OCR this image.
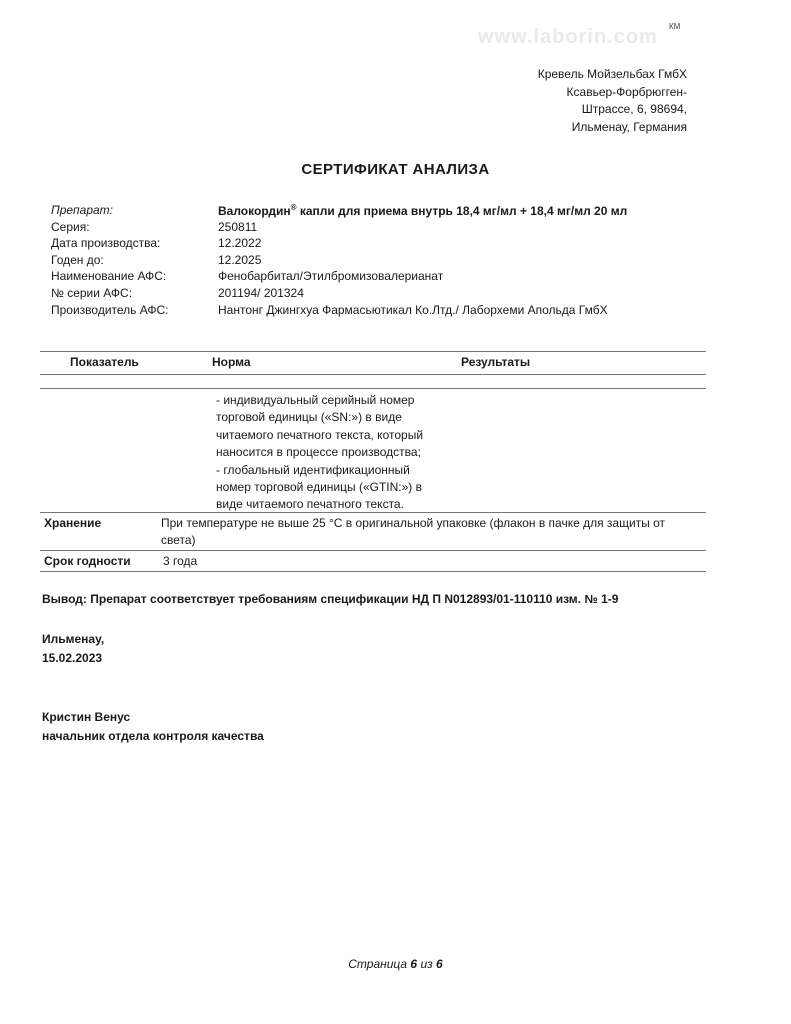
www.laborin.com	КМ
Кревель Мойзельбах ГмбХ
Ксавьер-Форбрюгген-
Штрассе, 6, 98694,
Ильменау, Германия
СЕРТИФИКАТ АНАЛИЗА
Препарат:	Валокордин® капли для приема внутрь 18,4 мг/мл + 18,4 мг/мл 20 мл
Серия:	250811
Дата производства:	12.2022
Годен до:	12.2025
Наименование АФС:	Фенобарбитал/Этилбромизовалерианат
№ серии АФС:	201194/ 201324
Производитель АФС:	Нантонг Джингхуа Фармасьютикал Ко.Лтд./ Лаборхеми Апольда ГмбХ
Показатель	Норма	Результаты
- индивидуальный серийный номер
торговой единицы («SN:») в виде
читаемого печатного текста, который
наносится в процессе производства;
- глобальный идентификационный
номер торговой единицы («GTIN:») в
виде читаемого печатного текста.
Хранение	При температуре не выше 25 °C в оригинальной упаковке (флакон в пачке для защиты от
света)
Срок годности	3 года
Вывод: Препарат соответствует требованиям спецификации НД П N012893/01-110110 изм. № 1-9
Ильменау,
15.02.2023
Кристин Венус
начальник отдела контроля качества
Страница 6 из 6
